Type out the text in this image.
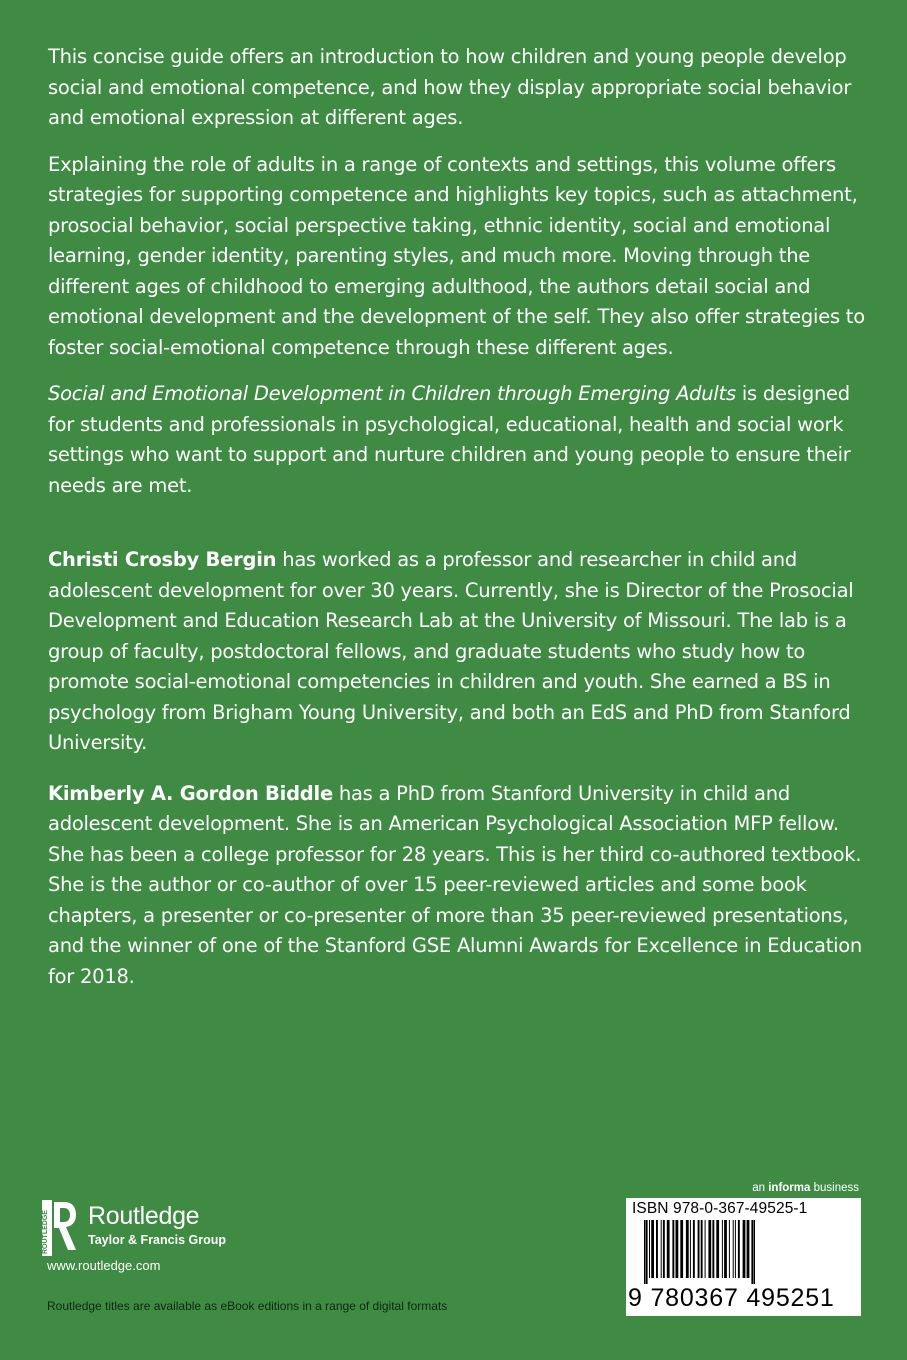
This concise guide offers an introduction to how children and young people develop social and emotional competence, and how they display appropriate social behavior and emotional expression at different ages.

Explaining the role of adults in a range of contexts and settings, this volume offers strategies for supporting competence and highlights key topics, such as attachment, prosocial behavior, social perspective taking, ethnic identity, social and emotional learning, gender identity, parenting styles, and much more. Moving through the different ages of childhood to emerging adulthood, the authors detail social and emotional development and the development of the self. They also offer strategies to foster social-emotional competence through these different ages.

Social and Emotional Development in Children through Emerging Adults is designed for students and professionals in psychological, educational, health and social work settings who want to support and nurture children and young people to ensure their needs are met.

Christi Crosby Bergin has worked as a professor and researcher in child and adolescent development for over 30 years. Currently, she is Director of the Prosocial Development and Education Research Lab at the University of Missouri. The lab is a group of faculty, postdoctoral fellows, and graduate students who study how to promote social-emotional competencies in children and youth. She earned a BS in psychology from Brigham Young University, and both an EdS and PhD from Stanford University.

Kimberly A. Gordon Biddle has a PhD from Stanford University in child and adolescent development. She is an American Psychological Association MFP fellow. She has been a college professor for 28 years. This is her third co-authored textbook. She is the author or co-author of over 15 peer-reviewed articles and some book chapters, a presenter or co-presenter of more than 35 peer-reviewed presentations, and the winner of one of the Stanford GSE Alumni Awards for Excellence in Education for 2018.

ROUTLEDGE Routledge
Taylor & Francis Group
www.routledge.com
Routledge titles are available as eBook editions in a range of digital formats
an informa business
ISBN 978-0-367-49525-1
9 780367 495251
